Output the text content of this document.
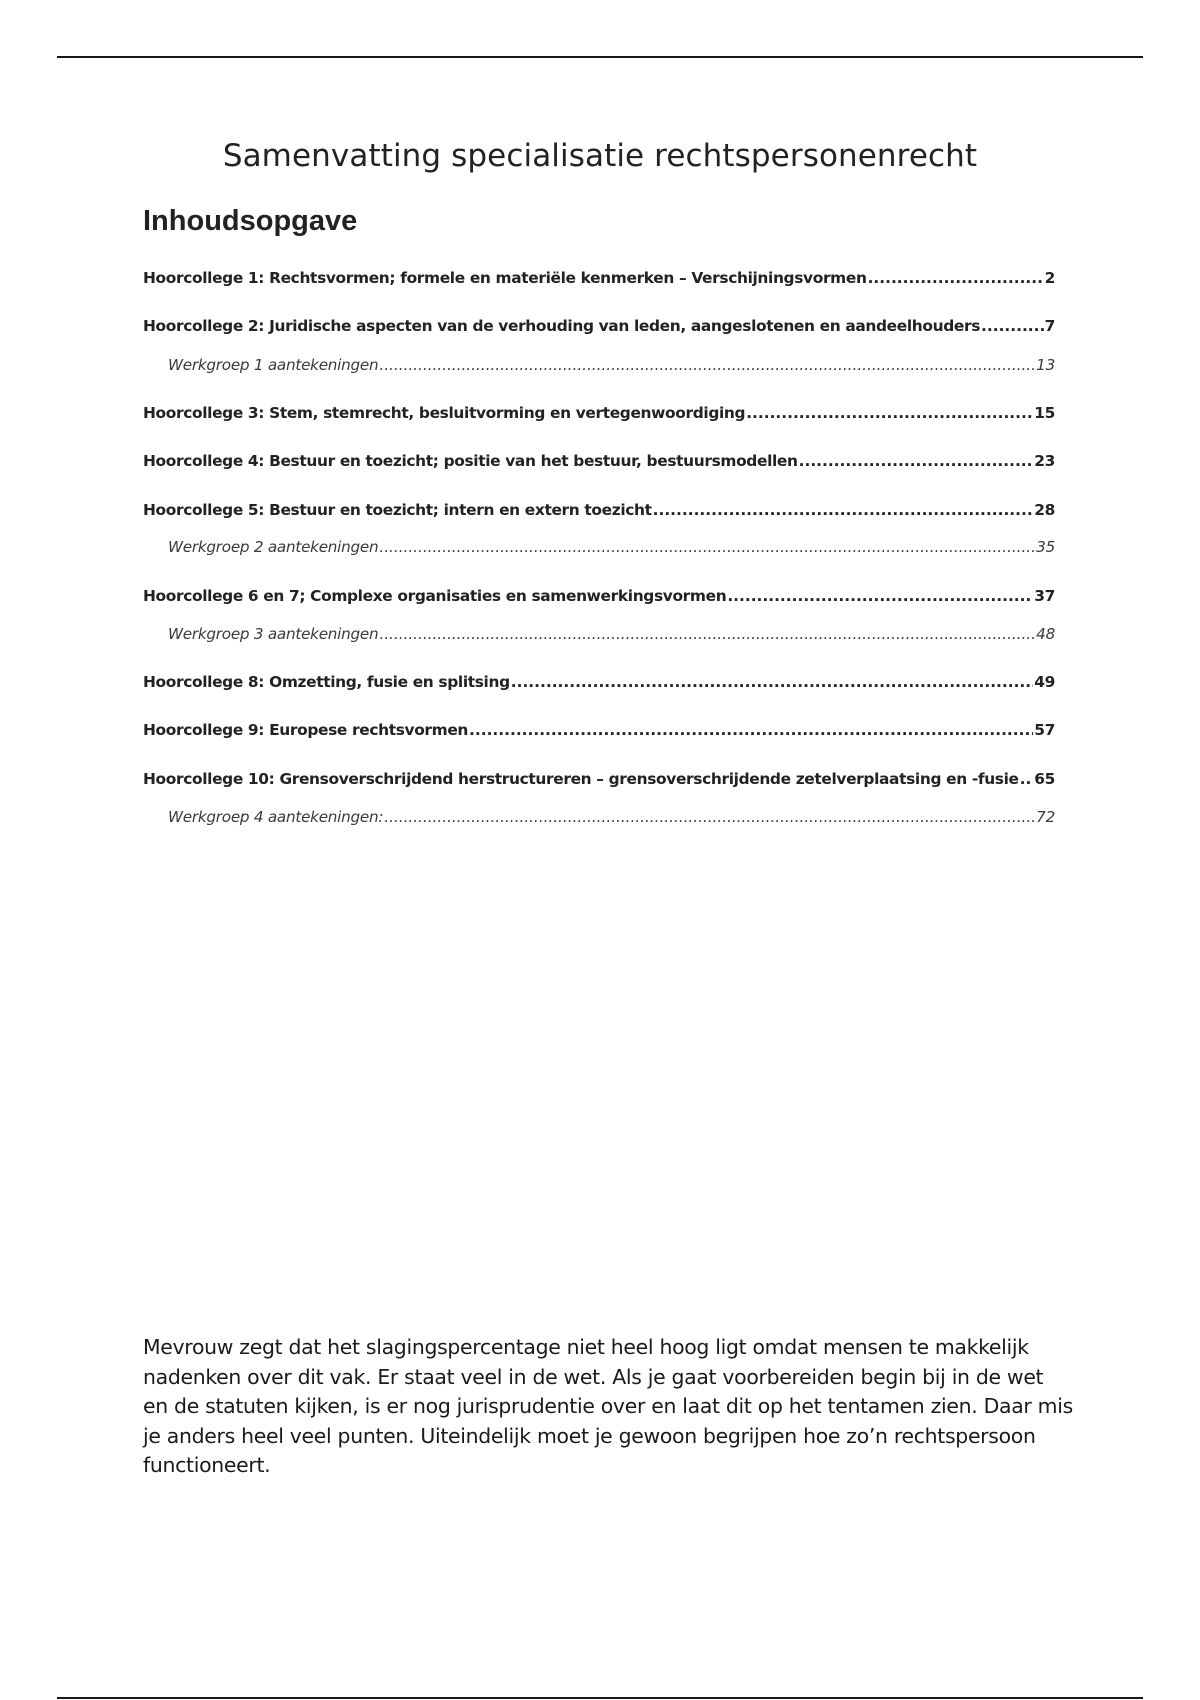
Samenvatting specialisatie rechtspersonenrecht
Inhoudsopgave
Hoorcollege 1: Rechtsvormen; formele en materiële kenmerken – Verschijningsvormen .....	2
Hoorcollege 2: Juridische aspecten van de verhouding van leden, aangeslotenen en aandeelhouders .....	7
Werkgroep 1 aantekeningen .....	13
Hoorcollege 3: Stem, stemrecht, besluitvorming en vertegenwoordiging .....	15
Hoorcollege 4: Bestuur en toezicht; positie van het bestuur, bestuursmodellen .....	23
Hoorcollege 5: Bestuur en toezicht; intern en extern toezicht .....	28
Werkgroep 2 aantekeningen .....	35
Hoorcollege 6 en 7; Complexe organisaties en samenwerkingsvormen .....	37
Werkgroep 3 aantekeningen .....	48
Hoorcollege 8: Omzetting, fusie en splitsing .....	49
Hoorcollege 9: Europese rechtsvormen .....	57
Hoorcollege 10: Grensoverschrijdend herstructureren – grensoverschrijdende zetelverplaatsing en -fusie ..... 65
Werkgroep 4 aantekeningen: .....	72

Mevrouw zegt dat het slagingspercentage niet heel hoog ligt omdat mensen te makkelijk nadenken over dit vak. Er staat veel in de wet. Als je gaat voorbereiden begin bij in de wet en de statuten kijken, is er nog jurisprudentie over en laat dit op het tentamen zien. Daar mis je anders heel veel punten. Uiteindelijk moet je gewoon begrijpen hoe zo’n rechtspersoon functioneert.
